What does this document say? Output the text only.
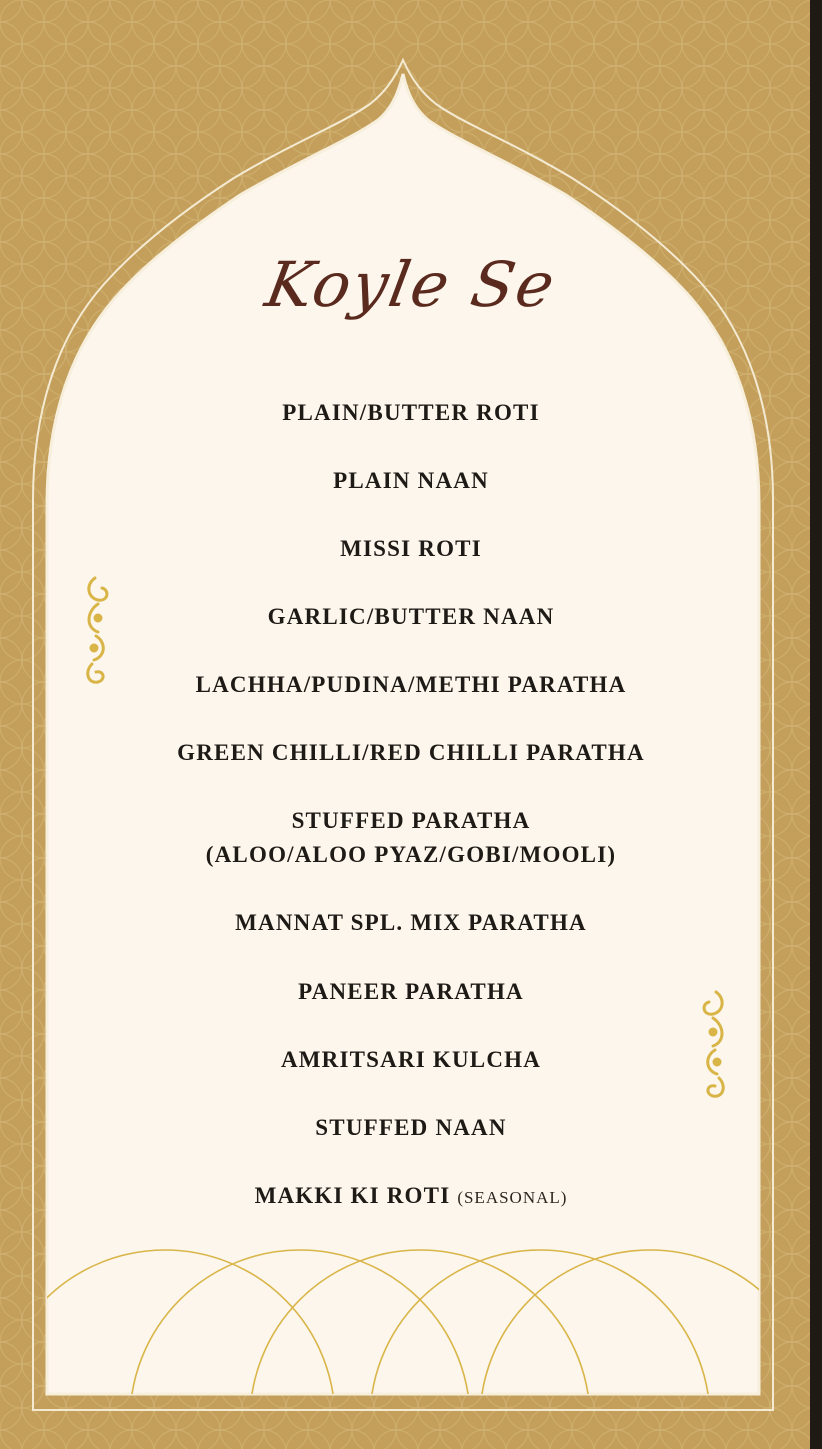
Koyle Se
PLAIN/BUTTER ROTI
PLAIN NAAN
MISSI ROTI
GARLIC/BUTTER NAAN
LACHHA/PUDINA/METHI PARATHA
GREEN CHILLI/RED CHILLI PARATHA
STUFFED PARATHA
(ALOO/ALOO PYAZ/GOBI/MOOLI)
MANNAT SPL. MIX PARATHA
PANEER PARATHA
AMRITSARI KULCHA
STUFFED NAAN
MAKKI KI ROTI (SEASONAL)
